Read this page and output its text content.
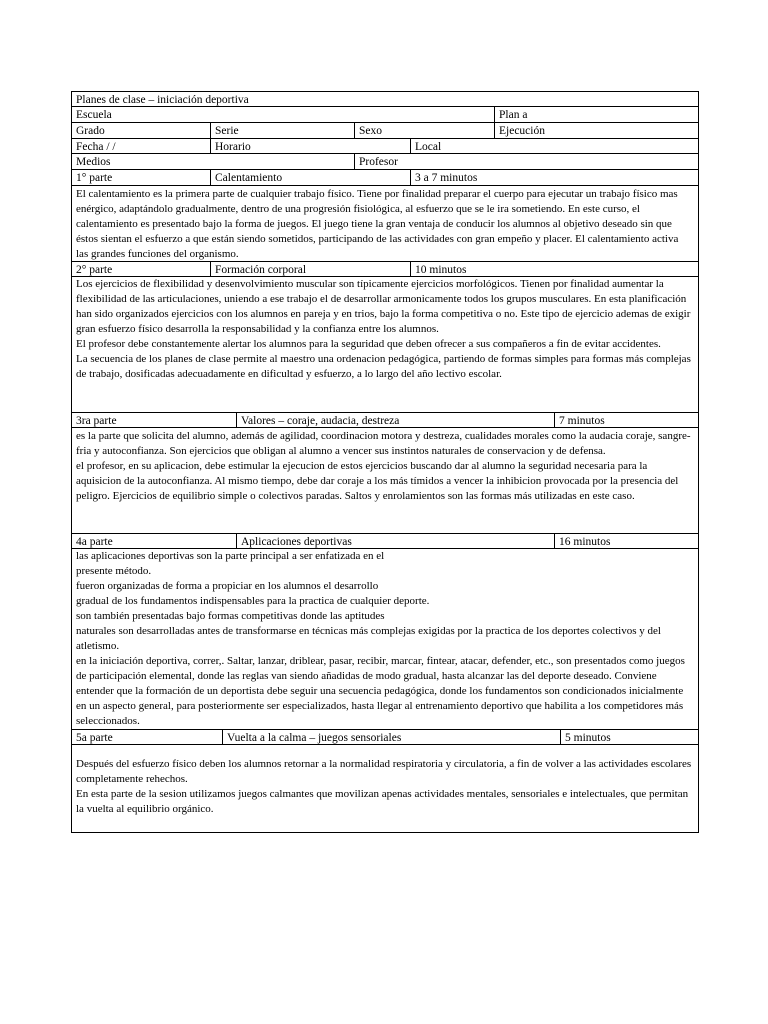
Planes de clase – iniciación deportiva
Escuela	Plan a
Grado	Serie	Sexo	Ejecución
Fecha / /	Horario	Local
Medios	Profesor
1° parte	Calentamiento	3 a 7 minutos

El calentamiento es la primera parte de cualquier trabajo físico. Tiene por finalidad preparar el cuerpo para ejecutar un trabajo físico mas enérgico, adaptándolo gradualmente, dentro de una progresión fisiológica, al esfuerzo que se le ira sometiendo. En este curso, el calentamiento es presentado bajo la forma de juegos. El juego tiene la gran ventaja de conducir los alumnos al objetivo deseado sin que éstos sientan el esfuerzo a que están siendo sometidos, participando de las actividades con gran empeño y placer. El calentamiento activa las grandes funciones del organismo.

2° parte	Formación corporal	10 minutos

Los ejercicios de flexibilidad y desenvolvimiento muscular son típicamente ejercicios morfológicos. Tienen por finalidad aumentar la flexibilidad de las articulaciones, uniendo a ese trabajo el de desarrollar armonicamente todos los grupos musculares. En esta planificación han sido organizados ejercicios con los alumnos en pareja y en trios, bajo la forma competitiva o no. Este tipo de ejercicio ademas de exigir gran esfuerzo físico desarrolla la responsabilidad y la confianza entre los alumnos.

El profesor debe constantemente alertar los alumnos para la seguridad que deben ofrecer a sus compañeros a fin de evitar accidentes.

La secuencia de los planes de clase permite al maestro una ordenacion pedagógica, partiendo de formas simples para formas más complejas de trabajo, dosificadas adecuadamente en dificultad y esfuerzo, a lo largo del año lectivo escolar.

3ra parte	Valores – coraje, audacia, destreza	7 minutos

es la parte que solicita del alumno, además de agilidad, coordinacion motora y destreza, cualidades morales como la audacia coraje, sangre-fria y autoconfianza. Son ejercicios que obligan al alumno a vencer sus instintos naturales de conservacion y de defensa.

el profesor, en su aplicacion, debe estimular la ejecucion de estos ejercicios buscando dar al alumno la seguridad necesaria para la aquisicion de la autoconfianza. Al mismo tiempo, debe dar coraje a los más tímidos a vencer la inhibicion provocada por la presencia del peligro. Ejercicios de equilibrio simple o colectivos paradas. Saltos y enrolamientos son las formas más utilizadas en este caso.

4a parte	Aplicaciones deportivas	16 minutos

las aplicaciones deportivas son la parte principal a ser enfatizada en el

presente método.

fueron organizadas de forma a propiciar en los alumnos el desarrollo

gradual de los fundamentos indispensables para la practica de cualquier deporte.

son también presentadas bajo formas competitivas donde las aptitudes

naturales son desarrolladas antes de transformarse en técnicas más complejas exigidas por la practica de los deportes colectivos y del atletismo.

en la iniciación deportiva, correr,. Saltar, lanzar, driblear, pasar, recibir, marcar, fintear, atacar, defender, etc., son presentados como juegos de participación elemental, donde las reglas van siendo añadidas de modo gradual, hasta alcanzar las del deporte deseado. Conviene entender que la formación de un deportista debe seguir una secuencia pedagógica, donde los fundamentos son condicionados inicialmente en un aspecto general, para posteriormente ser especializados, hasta llegar al entrenamiento deportivo que habilita a los competidores más seleccionados.

5a parte	Vuelta a la calma – juegos sensoriales	5 minutos

Después del esfuerzo físico deben los alumnos retornar a la normalidad respiratoria y circulatoria, a fin de volver a las actividades escolares completamente rehechos.

En esta parte de la sesion utilizamos juegos calmantes que movilizan apenas actividades mentales, sensoriales e intelectuales, que permitan la vuelta al equilibrio orgánico.
